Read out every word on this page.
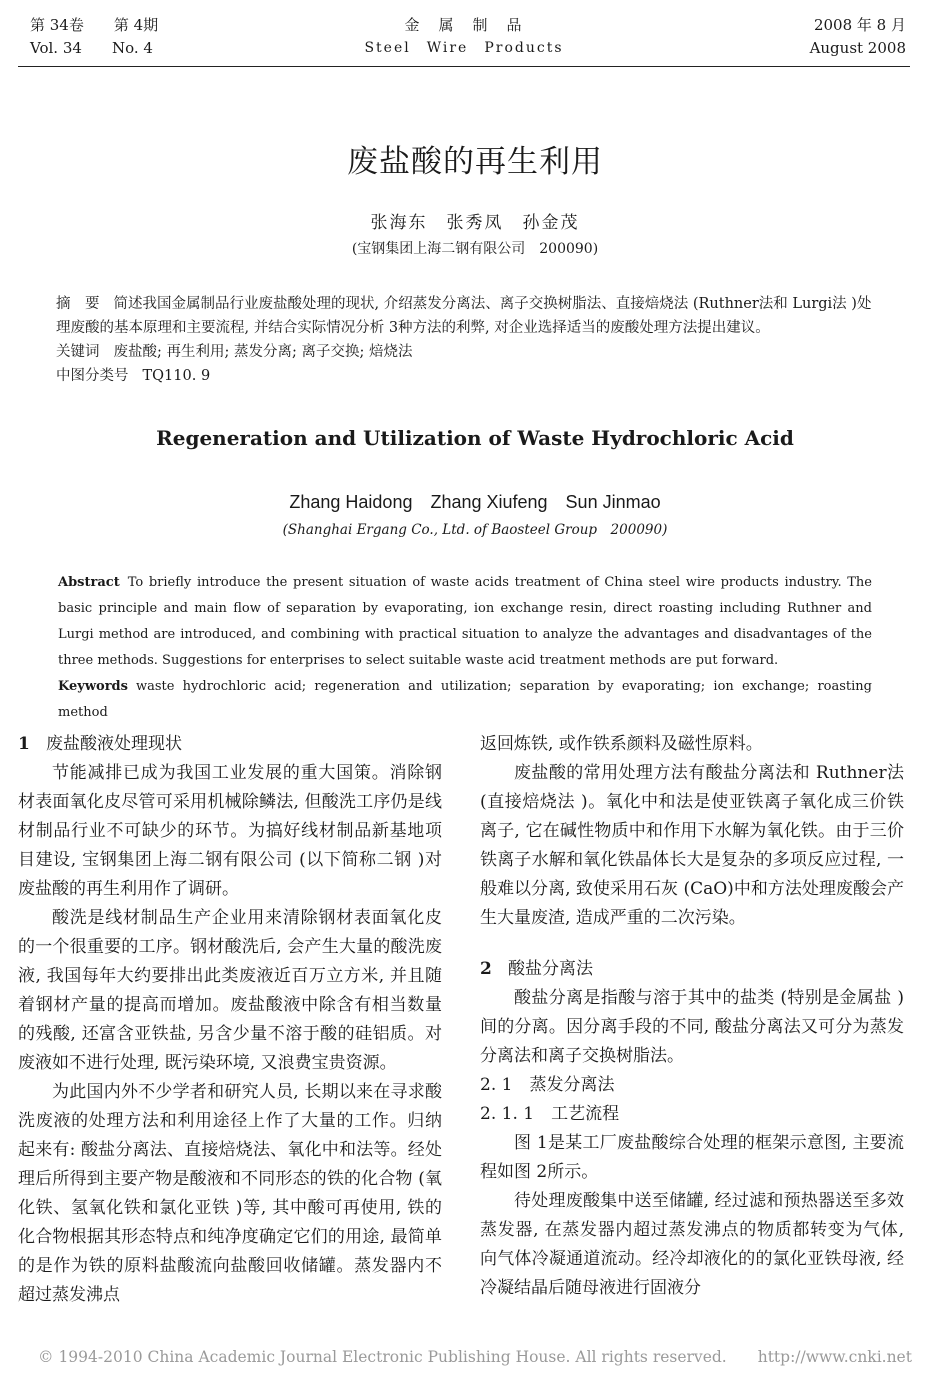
第 34卷　　 第 4期
Vol. 34　　 No. 4
金　属　制　品
Steel　Wire　Products
2008 年 8 月
August 2008
废盐酸的再生利用
张海东　张秀凤　孙金茂
(宝钢集团上海二钢有限公司　200090)

摘　要 简述我国金属制品行业废盐酸处理的现状, 介绍蒸发分离法、离子交换树脂法、直接焙烧法 (Ruthner法和 Lurgi法 )处理废酸的基本原理和主要流程, 并结合实际情况分析 3种方法的利弊, 对企业选择适当的废酸处理方法提出建议。

关键词 废盐酸; 再生利用; 蒸发分离; 离子交换; 焙烧法

中图分类号 TQ110. 9

Regeneration and Utilization of Waste Hydrochloric Acid
Zhang Haidong　Zhang Xiufeng　Sun Jinmao
(Shanghai Ergang Co., Ltd. of Baosteel Group　200090)

Abstract To briefly introduce the present situation of waste acids treatment of China steel wire products industry. The basic principle and main flow of separation by evaporating, ion exchange resin, direct roasting including Ruthner and Lurgi method are introduced, and combining with practical situation to analyze the advantages and disadvantages of the three methods. Suggestions for enterprises to select suitable waste acid treatment methods are put forward.

Keywords waste hydrochloric acid; regeneration and utilization; separation by evaporating; ion exchange; roasting method

1 废盐酸液处理现状

节能减排已成为我国工业发展的重大国策。消除钢材表面氧化皮尽管可采用机械除鳞法, 但酸洗工序仍是线材制品行业不可缺少的环节。为搞好线材制品新基地项目建设, 宝钢集团上海二钢有限公司 (以下简称二钢 )对废盐酸的再生利用作了调研。

酸洗是线材制品生产企业用来清除钢材表面氧化皮的一个很重要的工序。钢材酸洗后, 会产生大量的酸洗废液, 我国每年大约要排出此类废液近百万立方米, 并且随着钢材产量的提高而增加。废盐酸液中除含有相当数量的残酸, 还富含亚铁盐, 另含少量不溶于酸的硅铝质。对废液如不进行处理, 既污染环境, 又浪费宝贵资源。

为此国内外不少学者和研究人员, 长期以来在寻求酸洗废液的处理方法和利用途径上作了大量的工作。归纳起来有: 酸盐分离法、直接焙烧法、氧化中和法等。经处理后所得到主要产物是酸液和不同形态的铁的化合物 (氧化铁、氢氧化铁和氯化亚铁 )等, 其中酸可再使用, 铁的化合物根据其形态特点和纯净度确定它们的用途, 最简单的是作为铁的原料盐酸流向盐酸回收储罐。蒸发器内不超过蒸发沸点

返回炼铁, 或作铁系颜料及磁性原料。

废盐酸的常用处理方法有酸盐分离法和 Ruthner法 (直接焙烧法 )。氧化中和法是使亚铁离子氧化成三价铁离子, 它在碱性物质中和作用下水解为氧化铁。由于三价铁离子水解和氧化铁晶体长大是复杂的多项反应过程, 一般难以分离, 致使采用石灰 (CaO)中和方法处理废酸会产生大量废渣, 造成严重的二次污染。

2 酸盐分离法

酸盐分离是指酸与溶于其中的盐类 (特别是金属盐 )间的分离。因分离手段的不同, 酸盐分离法又可分为蒸发分离法和离子交换树脂法。

2. 1　蒸发分离法
2. 1. 1　工艺流程

图 1是某工厂废盐酸综合处理的框架示意图, 主要流程如图 2所示。

待处理废酸集中送至储罐, 经过滤和预热器送至多效蒸发器, 在蒸发器内超过蒸发沸点的物质都转变为气体, 向气体冷凝通道流动。经冷却液化的的氯化亚铁母液, 经冷凝结晶后随母液进行固液分

© 1994-2010 China Academic Journal Electronic Publishing House. All rights reserved.　　http://www.cnki.net
